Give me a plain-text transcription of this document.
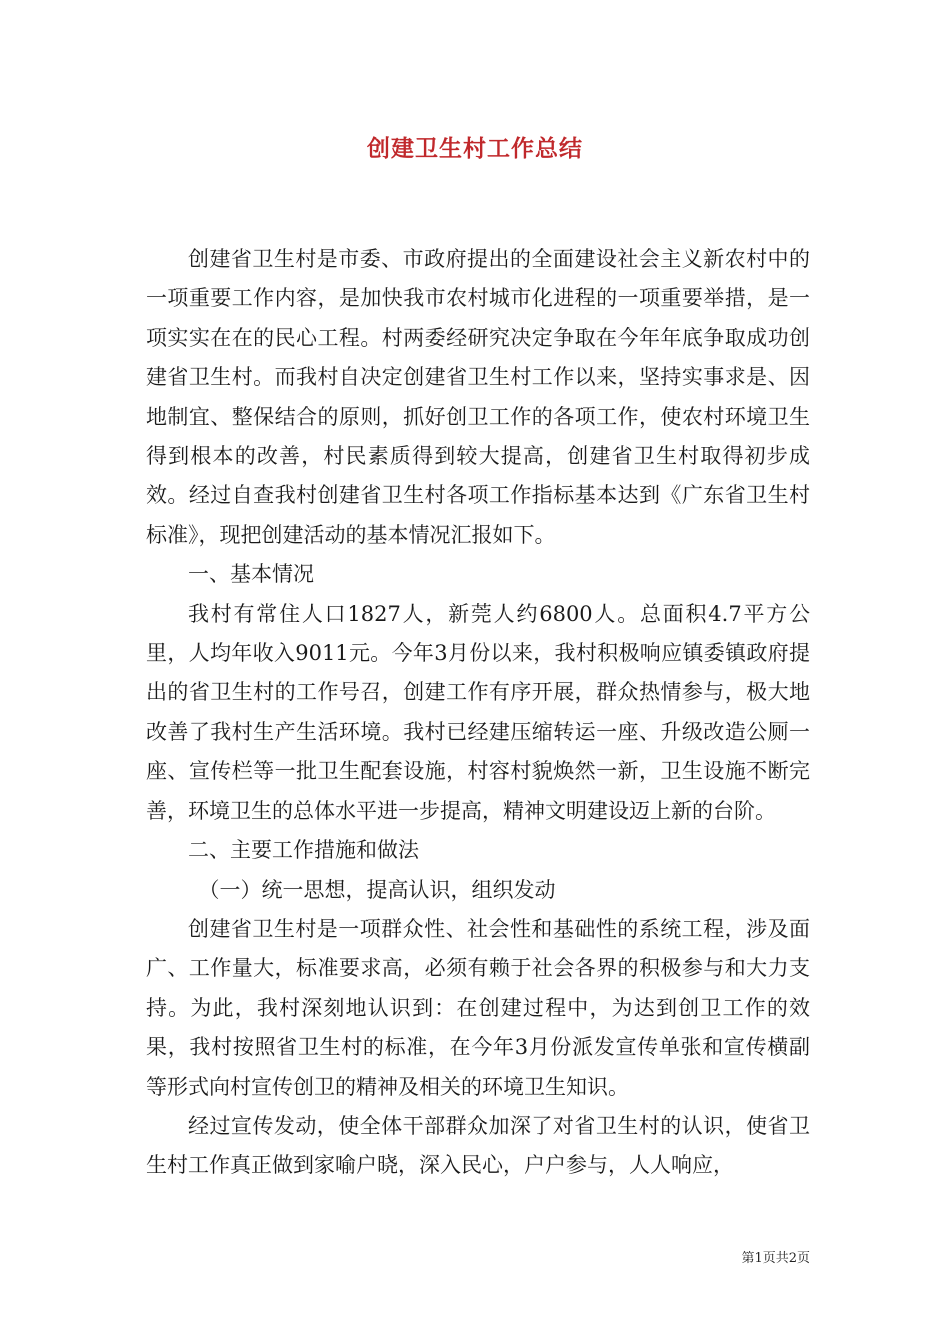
创建卫生村工作总结

创建省卫生村是市委、市政府提出的全面建设社会主义新农村中的一项重要工作内容，是加快我市农村城市化进程的一项重要举措，是一项实实在在的民心工程。村两委经研究决定争取在今年年底争取成功创建省卫生村。而我村自决定创建省卫生村工作以来，坚持实事求是、因地制宜、整保结合的原则，抓好创卫工作的各项工作，使农村环境卫生得到根本的改善，村民素质得到较大提高，创建省卫生村取得初步成效。经过自查我村创建省卫生村各项工作指标基本达到《广东省卫生村标准》，现把创建活动的基本情况汇报如下。

一、基本情况

我村有常住人口1827人，新莞人约6800人。总面积4.7平方公里，人均年收入9011元。今年3月份以来，我村积极响应镇委镇政府提出的省卫生村的工作号召，创建工作有序开展，群众热情参与，极大地改善了我村生产生活环境。我村已经建压缩转运一座、升级改造公厕一座、宣传栏等一批卫生配套设施，村容村貌焕然一新，卫生设施不断完善，环境卫生的总体水平进一步提高，精神文明建设迈上新的台阶。

二、主要工作措施和做法

（一）统一思想，提高认识，组织发动

创建省卫生村是一项群众性、社会性和基础性的系统工程，涉及面广、工作量大，标准要求高，必须有赖于社会各界的积极参与和大力支持。为此，我村深刻地认识到：在创建过程中，为达到创卫工作的效果，我村按照省卫生村的标准，在今年3月份派发宣传单张和宣传横副等形式向村宣传创卫的精神及相关的环境卫生知识。

经过宣传发动，使全体干部群众加深了对省卫生村的认识，使省卫生村工作真正做到家喻户晓，深入民心，户户参与，人人响应，

第1页共2页
